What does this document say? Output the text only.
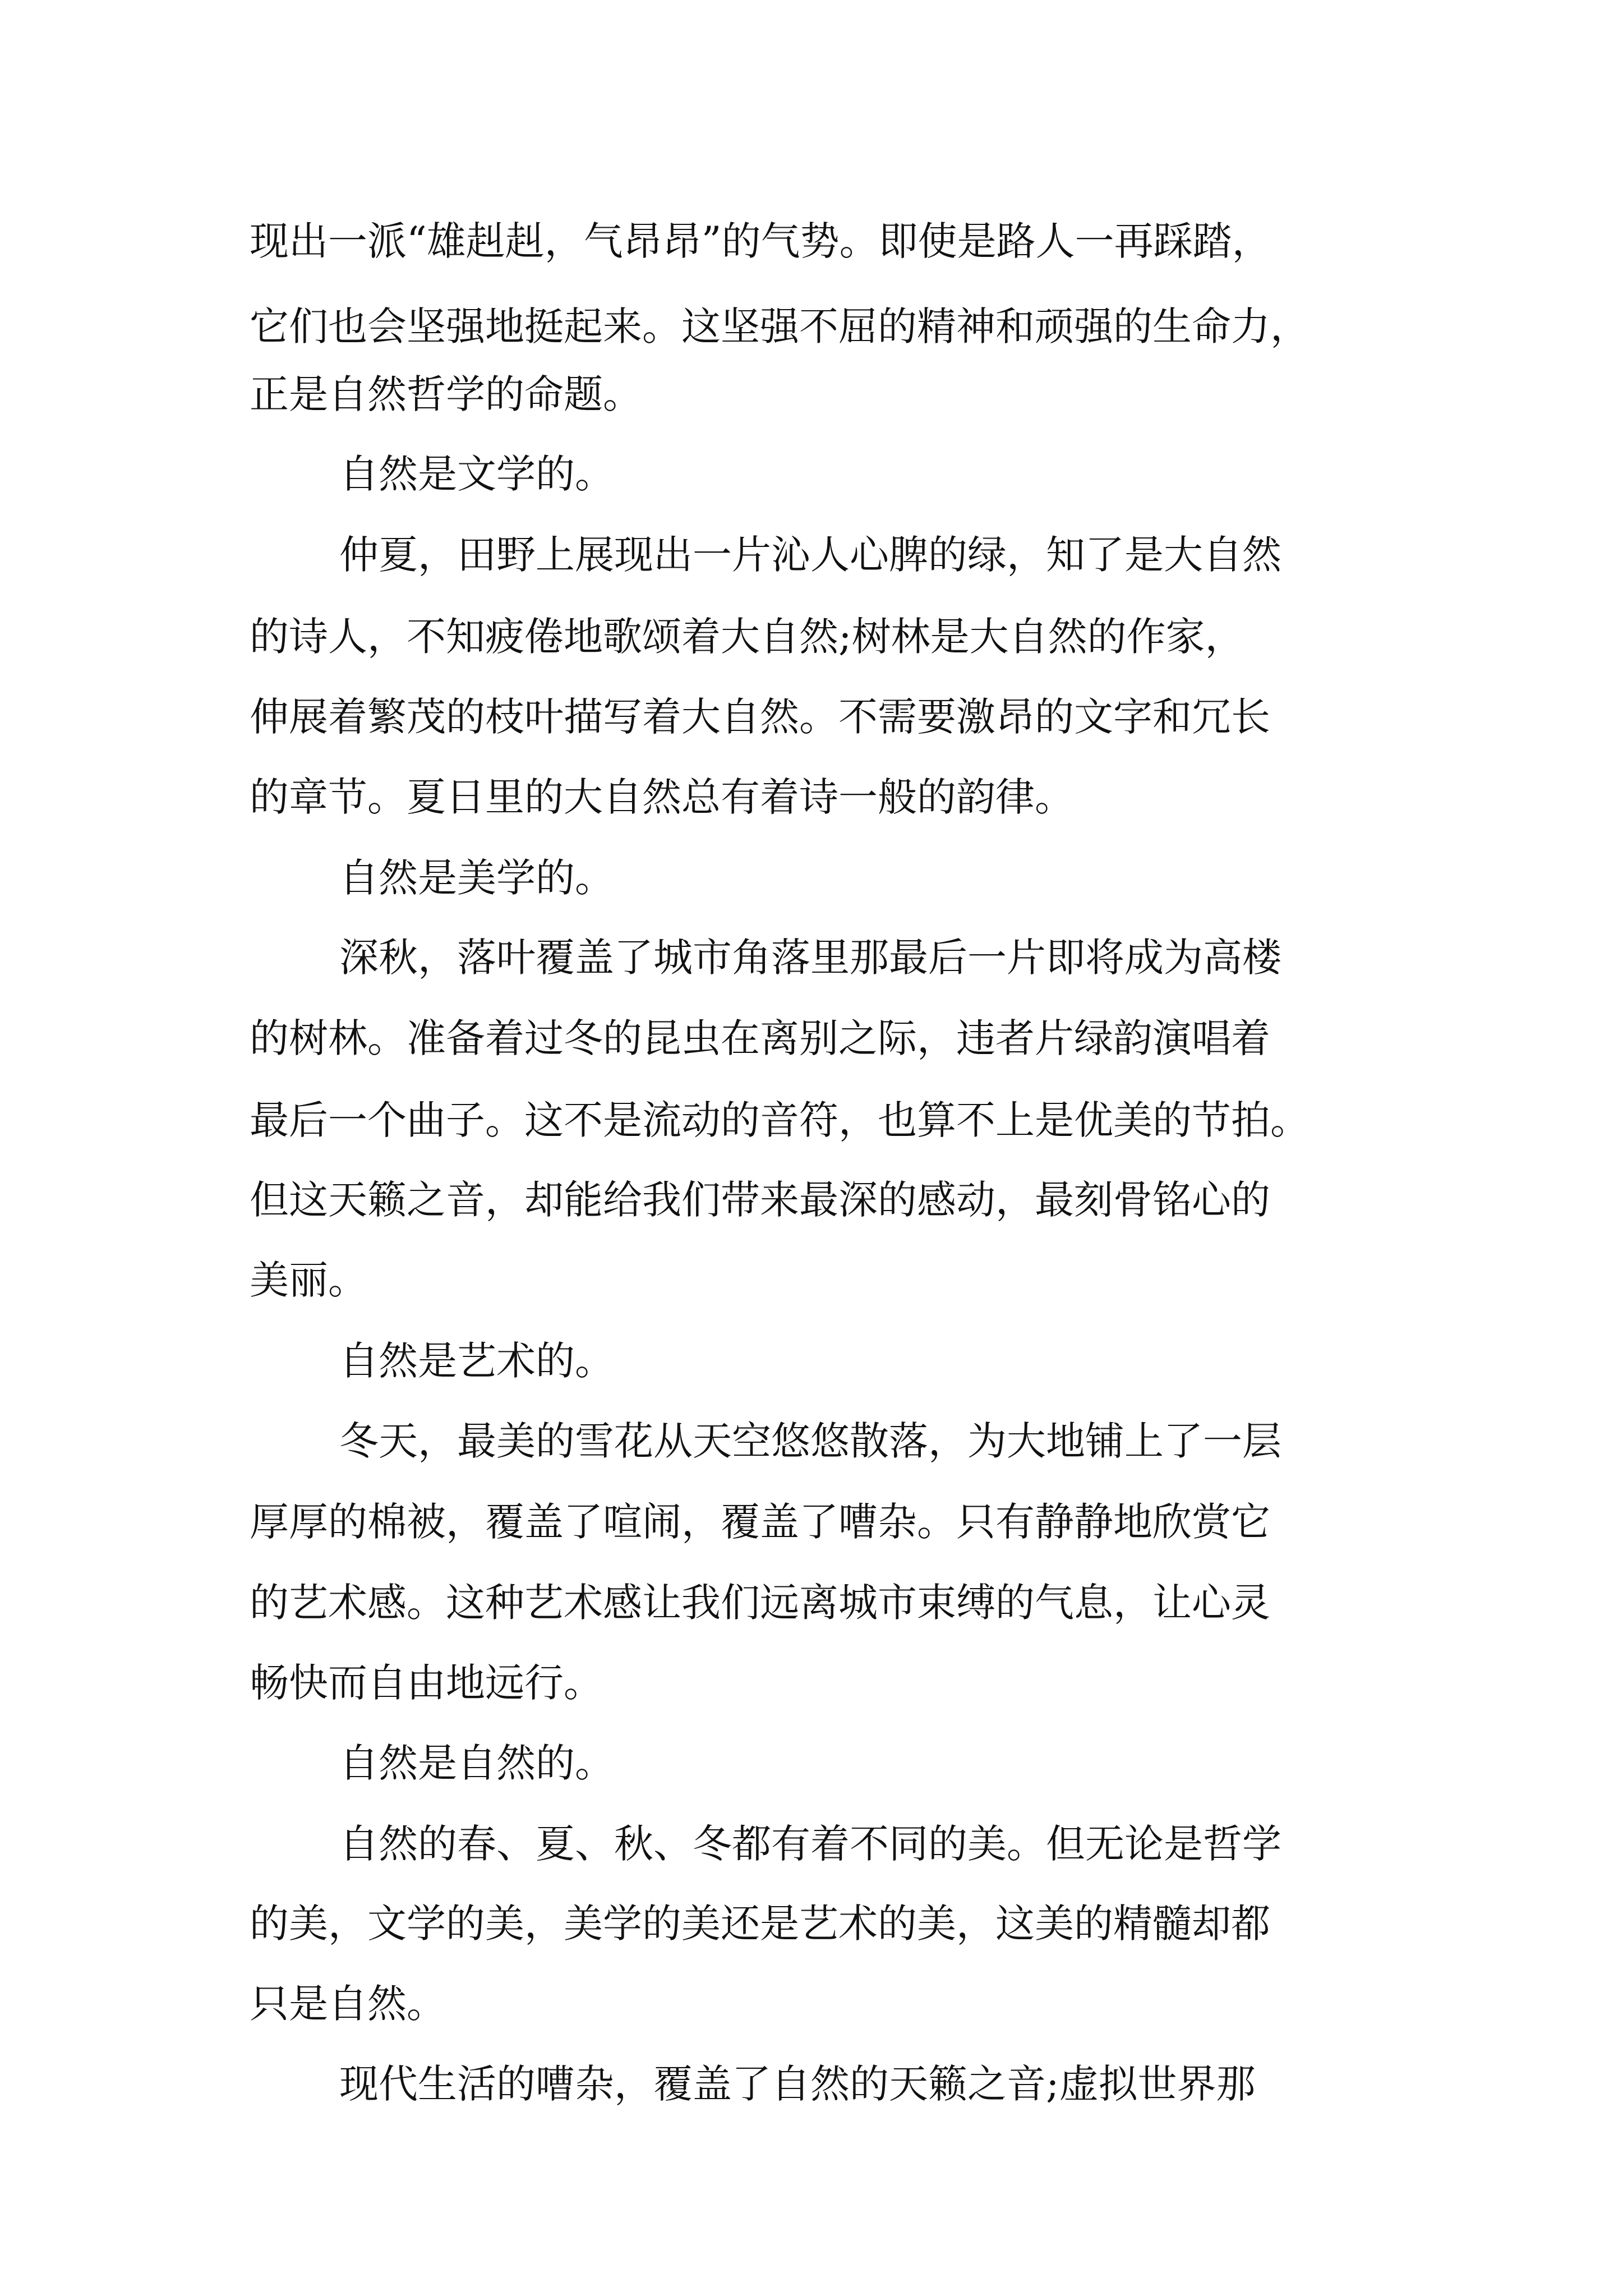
现出一派“雄赳赳，气昂昂”的气势。即使是路人一再踩踏，
它们也会坚强地挺起来。这坚强不屈的精神和顽强的生命力，
正是自然哲学的命题。
自然是文学的。
仲夏，田野上展现出一片沁人心脾的绿，知了是大自然
的诗人，不知疲倦地歌颂着大自然;树林是大自然的作家，
伸展着繁茂的枝叶描写着大自然。不需要激昂的文字和冗长
的章节。夏日里的大自然总有着诗一般的韵律。
自然是美学的。
深秋，落叶覆盖了城市角落里那最后一片即将成为高楼
的树林。准备着过冬的昆虫在离别之际，违者片绿韵演唱着
最后一个曲子。这不是流动的音符，也算不上是优美的节拍。
但这天籁之音，却能给我们带来最深的感动，最刻骨铭心的
美丽。
自然是艺术的。
冬天，最美的雪花从天空悠悠散落，为大地铺上了一层
厚厚的棉被，覆盖了喧闹，覆盖了嘈杂。只有静静地欣赏它
的艺术感。这种艺术感让我们远离城市束缚的气息，让心灵
畅快而自由地远行。
自然是自然的。
自然的春、夏、秋、冬都有着不同的美。但无论是哲学
的美，文学的美，美学的美还是艺术的美，这美的精髓却都
只是自然。
现代生活的嘈杂，覆盖了自然的天籁之音;虚拟世界那
